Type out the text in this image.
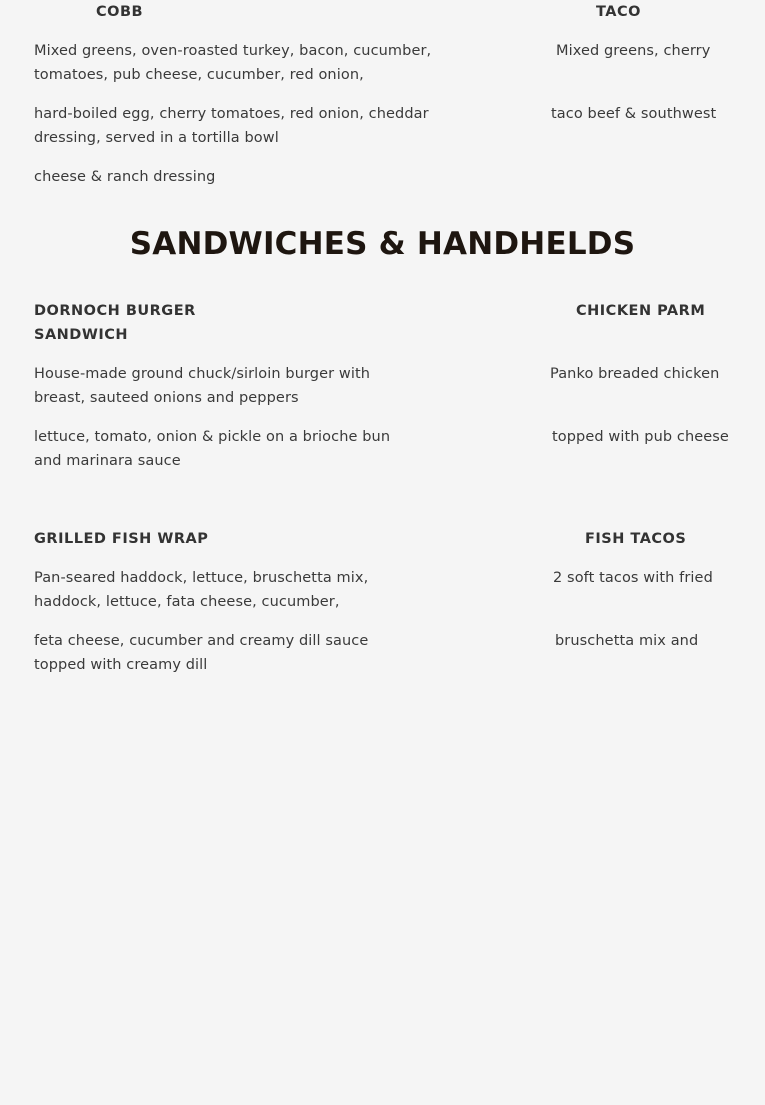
COBB
Mixed greens, oven-roasted turkey, bacon, cucumber,
tomatoes, pub cheese, cucumber, red onion,
hard-boiled egg, cherry tomatoes, red onion, cheddar
dressing, served in a tortilla bowl
cheese & ranch dressing
TACO
Mixed greens, cherry
taco beef & southwest
SANDWICHES & HANDHELDS
DORNOCH BURGER
SANDWICH
House-made ground chuck/sirloin burger with
breast, sauteed onions and peppers
lettuce, tomato, onion & pickle on a brioche bun
and marinara sauce
CHICKEN PARM
Panko breaded chicken
topped with pub cheese
GRILLED FISH WRAP
Pan-seared haddock, lettuce, bruschetta mix,
haddock, lettuce, fata cheese, cucumber,
feta cheese, cucumber and creamy dill sauce
topped with creamy dill
FISH TACOS
2 soft tacos with fried
bruschetta mix and
